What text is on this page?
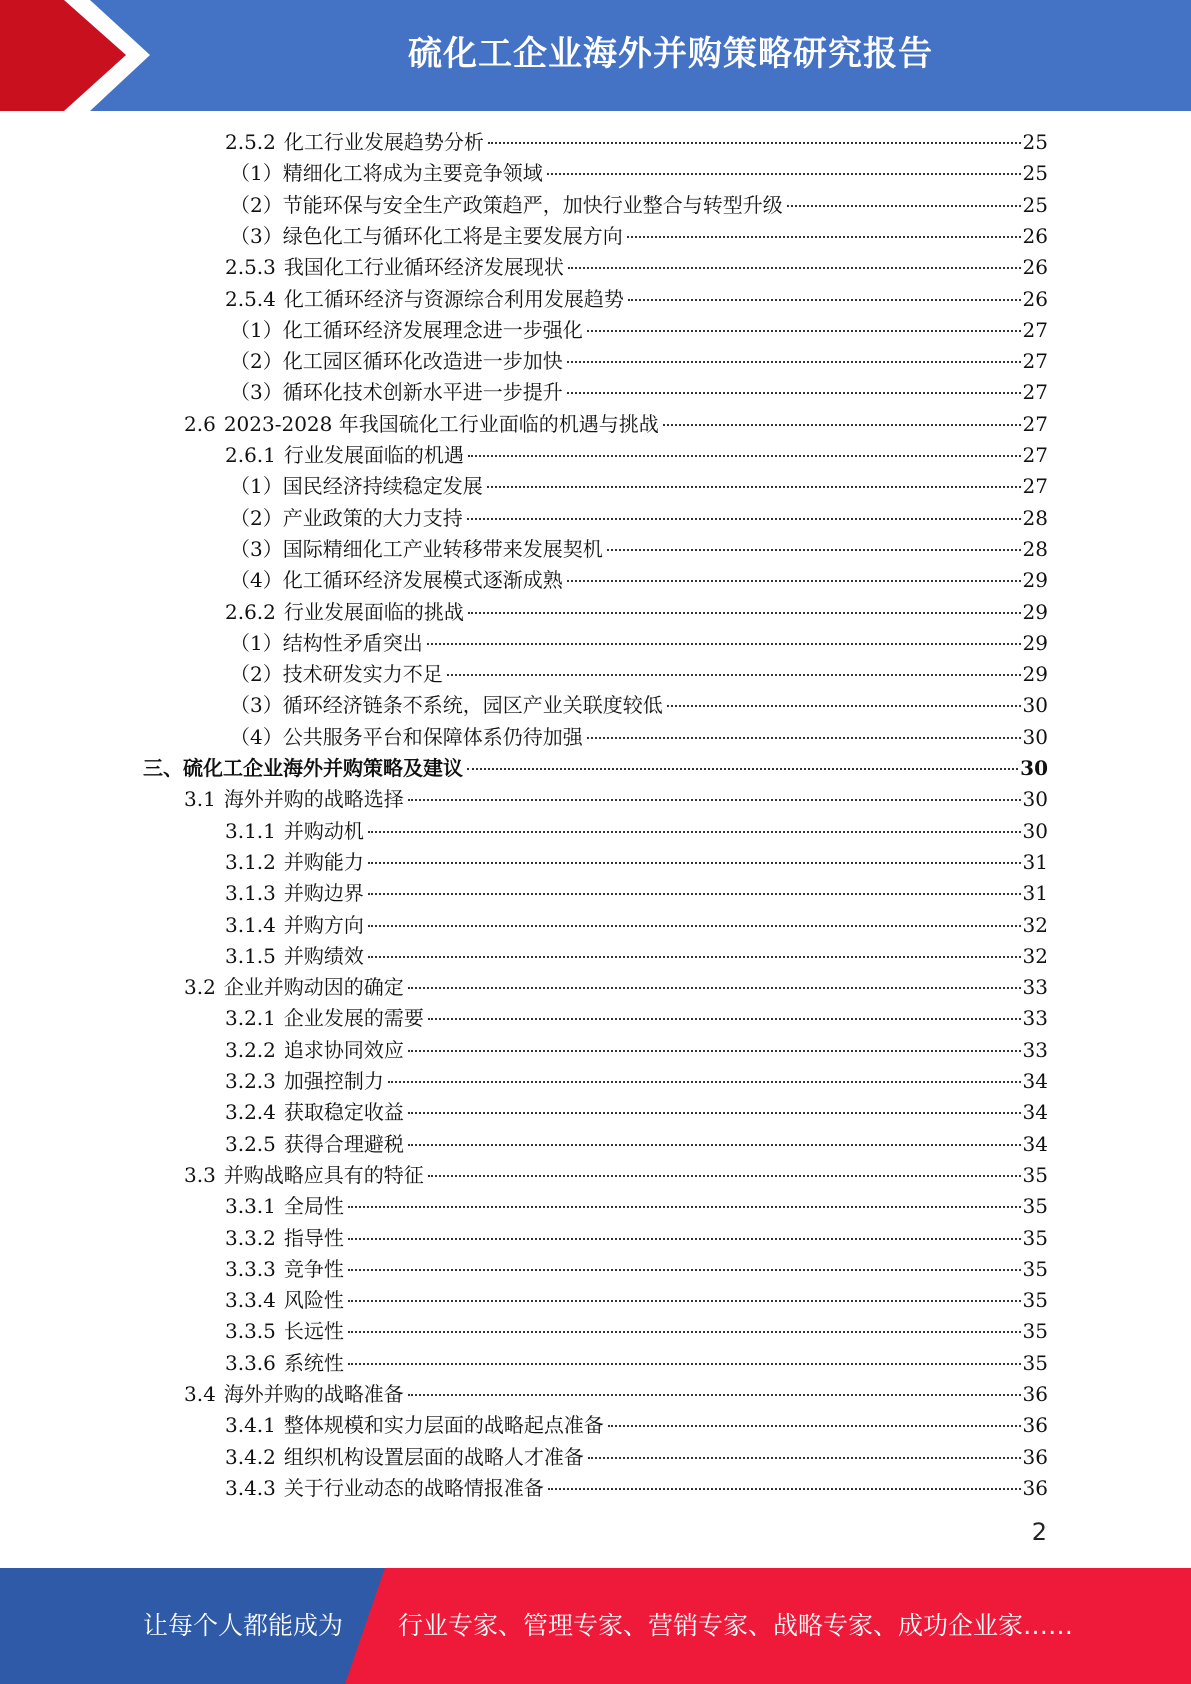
硫化工企业海外并购策略研究报告
2.5.2 化工行业发展趋势分析	25
（1）精细化工将成为主要竞争领域	25
（2）节能环保与安全生产政策趋严，加快行业整合与转型升级	25
（3）绿色化工与循环化工将是主要发展方向	26
2.5.3 我国化工行业循环经济发展现状	26
2.5.4 化工循环经济与资源综合利用发展趋势	26
（1）化工循环经济发展理念进一步强化	27
（2）化工园区循环化改造进一步加快	27
（3）循环化技术创新水平进一步提升	27
2.6 2023-2028 年我国硫化工行业面临的机遇与挑战	27
2.6.1 行业发展面临的机遇	27
（1）国民经济持续稳定发展	27
（2）产业政策的大力支持	28
（3）国际精细化工产业转移带来发展契机	28
（4）化工循环经济发展模式逐渐成熟	29
2.6.2 行业发展面临的挑战	29
（1）结构性矛盾突出	29
（2）技术研发实力不足	29
（3）循环经济链条不系统，园区产业关联度较低	30
（4）公共服务平台和保障体系仍待加强	30
三、硫化工企业海外并购策略及建议	30
3.1 海外并购的战略选择	30
3.1.1 并购动机	30
3.1.2 并购能力	31
3.1.3 并购边界	31
3.1.4 并购方向	32
3.1.5 并购绩效	32
3.2 企业并购动因的确定	33
3.2.1 企业发展的需要	33
3.2.2 追求协同效应	33
3.2.3 加强控制力	34
3.2.4 获取稳定收益	34
3.2.5 获得合理避税	34
3.3 并购战略应具有的特征	35
3.3.1 全局性	35
3.3.2 指导性	35
3.3.3 竞争性	35
3.3.4 风险性	35
3.3.5 长远性	35
3.3.6 系统性	35
3.4 海外并购的战略准备	36
3.4.1 整体规模和实力层面的战略起点准备	36
3.4.2 组织机构设置层面的战略人才准备	36
3.4.3 关于行业动态的战略情报准备	36
2
让每个人都能成为 行业专家、管理专家、营销专家、战略专家、成功企业家……
